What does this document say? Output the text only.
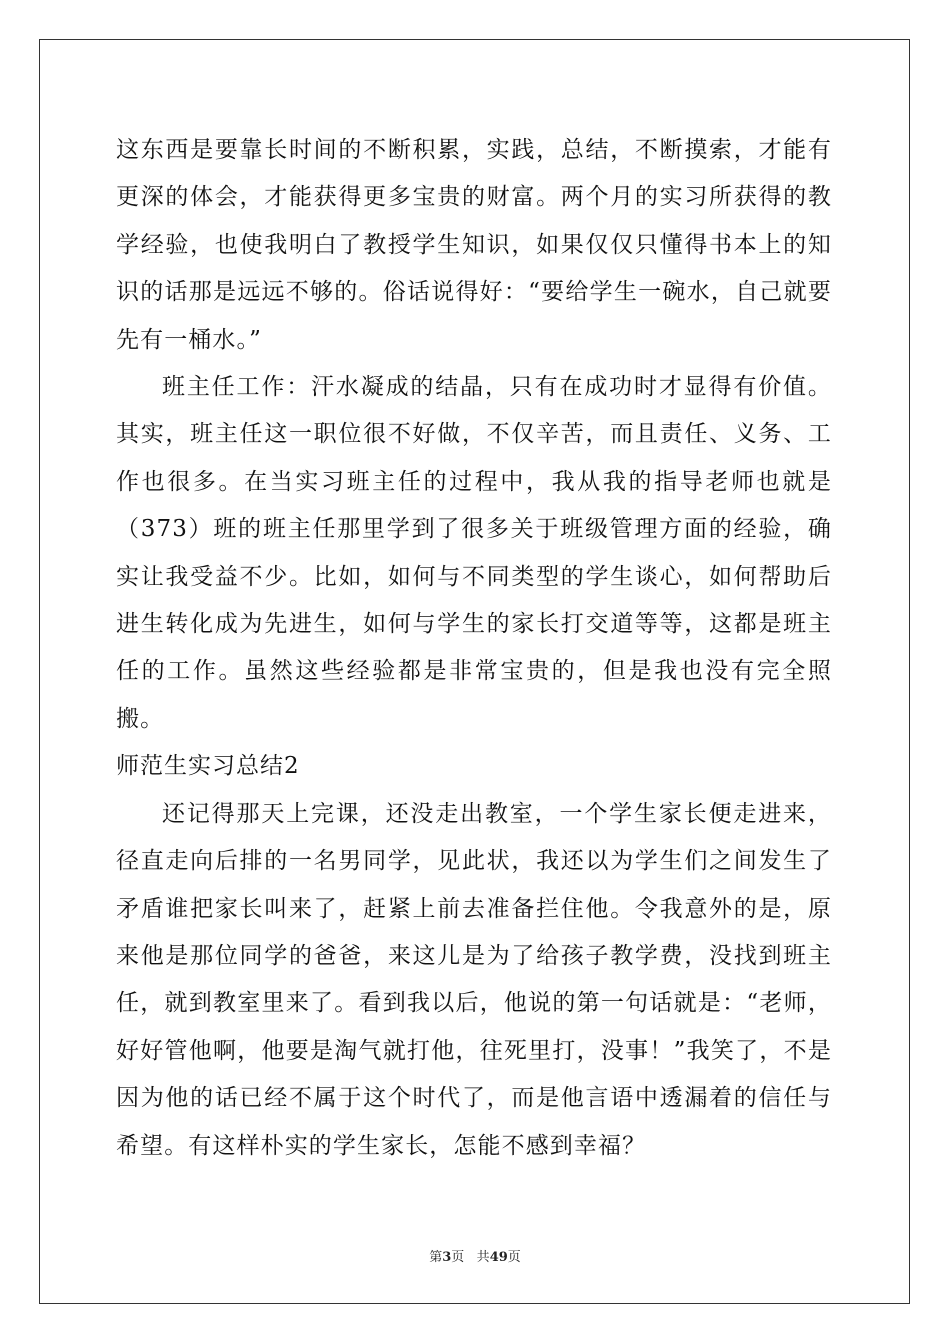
这东西是要靠长时间的不断积累，实践，总结，不断摸索，才能有更深的体会，才能获得更多宝贵的财富。两个月的实习所获得的教学经验，也使我明白了教授学生知识，如果仅仅只懂得书本上的知识的话那是远远不够的。俗话说得好：“要给学生一碗水，自己就要先有一桶水。”

班主任工作：汗水凝成的结晶，只有在成功时才显得有价值。其实，班主任这一职位很不好做，不仅辛苦，而且责任、义务、工作也很多。在当实习班主任的过程中，我从我的指导老师也就是（373）班的班主任那里学到了很多关于班级管理方面的经验，确实让我受益不少。比如，如何与不同类型的学生谈心，如何帮助后进生转化成为先进生，如何与学生的家长打交道等等，这都是班主任的工作。虽然这些经验都是非常宝贵的，但是我也没有完全照搬。

师范生实习总结2

还记得那天上完课，还没走出教室，一个学生家长便走进来，径直走向后排的一名男同学，见此状，我还以为学生们之间发生了矛盾谁把家长叫来了，赶紧上前去准备拦住他。令我意外的是，原来他是那位同学的爸爸，来这儿是为了给孩子教学费，没找到班主任，就到教室里来了。看到我以后，他说的第一句话就是：“老师，好好管他啊，他要是淘气就打他，往死里打，没事！”我笑了，不是因为他的话已经不属于这个时代了，而是他言语中透漏着的信任与希望。有这样朴实的学生家长，怎能不感到幸福？

第3页 共49页
